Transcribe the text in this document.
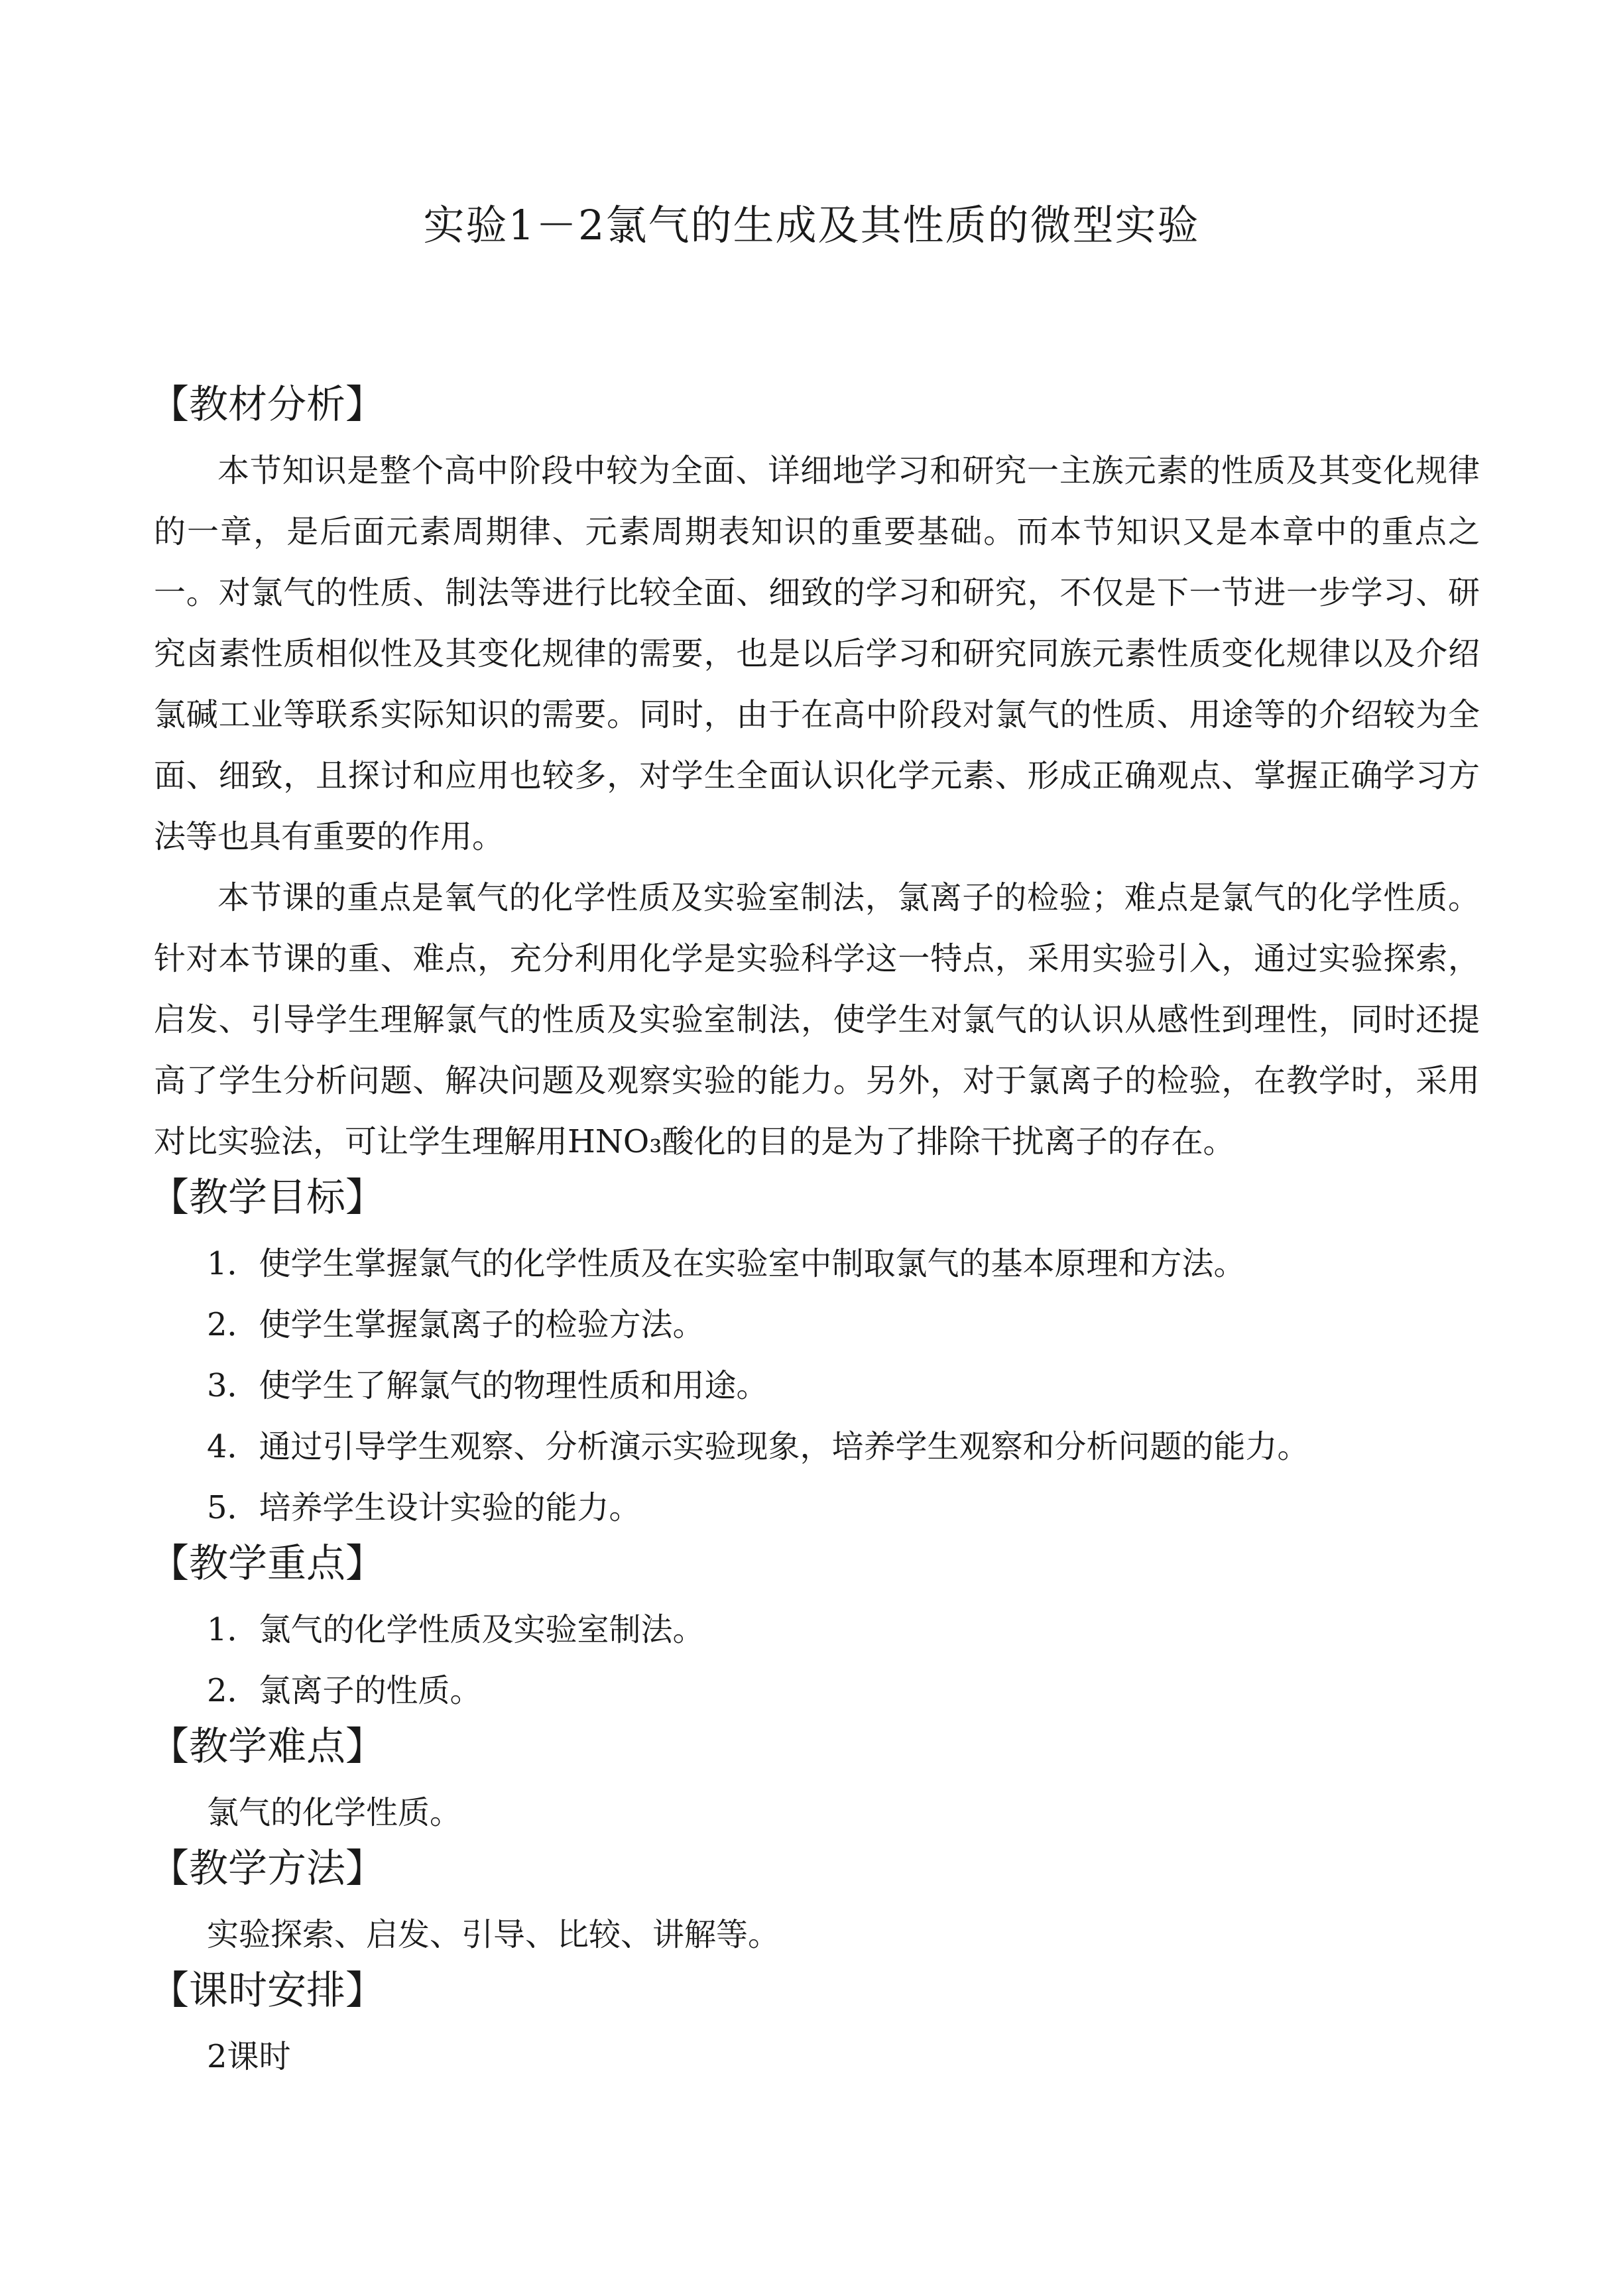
实验1－2氯气的生成及其性质的微型实验
【教材分析】

本节知识是整个高中阶段中较为全面、详细地学习和研究一主族元素的性质及其变化规律的一章，是后面元素周期律、元素周期表知识的重要基础。而本节知识又是本章中的重点之一。对氯气的性质、制法等进行比较全面、细致的学习和研究，不仅是下一节进一步学习、研究卤素性质相似性及其变化规律的需要，也是以后学习和研究同族元素性质变化规律以及介绍氯碱工业等联系实际知识的需要。同时，由于在高中阶段对氯气的性质、用途等的介绍较为全面、细致，且探讨和应用也较多，对学生全面认识化学元素、形成正确观点、掌握正确学习方法等也具有重要的作用。

本节课的重点是氧气的化学性质及实验室制法，氯离子的检验；难点是氯气的化学性质。针对本节课的重、难点，充分利用化学是实验科学这一特点，采用实验引入，通过实验探索，启发、引导学生理解氯气的性质及实验室制法，使学生对氯气的认识从感性到理性，同时还提高了学生分析问题、解决问题及观察实验的能力。另外，对于氯离子的检验，在教学时，采用对比实验法，可让学生理解用HNO₃酸化的目的是为了排除干扰离子的存在。

【教学目标】

1．使学生掌握氯气的化学性质及在实验室中制取氯气的基本原理和方法。

2．使学生掌握氯离子的检验方法。

3．使学生了解氯气的物理性质和用途。

4．通过引导学生观察、分析演示实验现象，培养学生观察和分析问题的能力。

5．培养学生设计实验的能力。

【教学重点】

1．氯气的化学性质及实验室制法。

2．氯离子的性质。

【教学难点】

氯气的化学性质。

【教学方法】

实验探索、启发、引导、比较、讲解等。

【课时安排】

2课时
